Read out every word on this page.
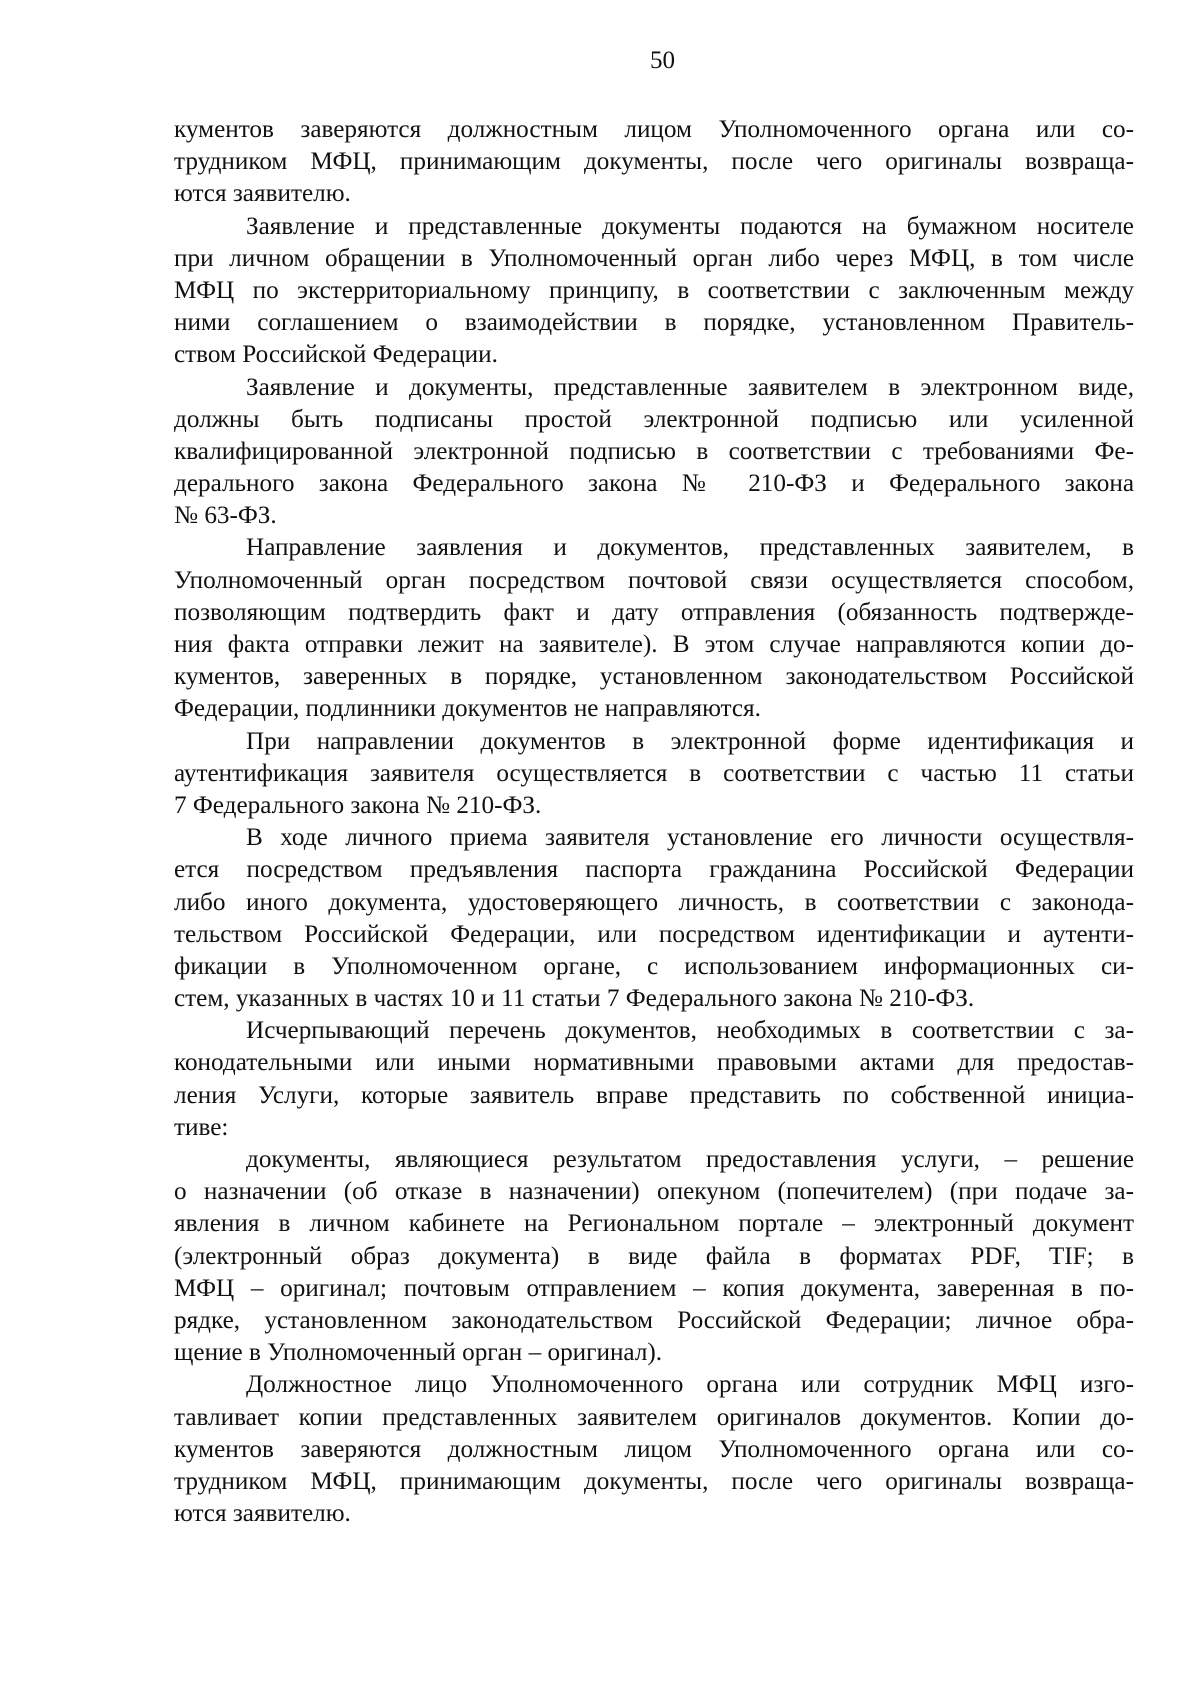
50
кументов заверяются должностным лицом Уполномоченного органа или со-
трудником МФЦ, принимающим документы, после чего оригиналы возвраща-
ются заявителю.
Заявление и представленные документы подаются на бумажном носителе
при личном обращении в Уполномоченный орган либо через МФЦ, в том числе
МФЦ по экстерриториальному принципу, в соответствии с заключенным между
ними соглашением о взаимодействии в порядке, установленном Правитель-
ством Российской Федерации.
Заявление и документы, представленные заявителем в электронном виде,
должны быть подписаны простой электронной подписью или усиленной
квалифицированной электронной подписью в соответствии с требованиями Фе-
дерального закона Федерального закона № 210-ФЗ и Федерального закона
№ 63-ФЗ.
Направление заявления и документов, представленных заявителем, в
Уполномоченный орган посредством почтовой связи осуществляется способом,
позволяющим подтвердить факт и дату отправления (обязанность подтвержде-
ния факта отправки лежит на заявителе). В этом случае направляются копии до-
кументов, заверенных в порядке, установленном законодательством Российской
Федерации, подлинники документов не направляются.
При направлении документов в электронной форме идентификация и
аутентификация заявителя осуществляется в соответствии с частью 11 статьи
7 Федерального закона № 210-ФЗ.
В ходе личного приема заявителя установление его личности осуществля-
ется посредством предъявления паспорта гражданина Российской Федерации
либо иного документа, удостоверяющего личность, в соответствии с законода-
тельством Российской Федерации, или посредством идентификации и аутенти-
фикации в Уполномоченном органе, с использованием информационных си-
стем, указанных в частях 10 и 11 статьи 7 Федерального закона № 210-ФЗ.
Исчерпывающий перечень документов, необходимых в соответствии с за-
конодательными или иными нормативными правовыми актами для предостав-
ления Услуги, которые заявитель вправе представить по собственной инициа-
тиве:
документы, являющиеся результатом предоставления услуги, – решение
о назначении (об отказе в назначении) опекуном (попечителем) (при подаче за-
явления в личном кабинете на Региональном портале – электронный документ
(электронный образ документа) в виде файла в форматах PDF, TIF; в
МФЦ – оригинал; почтовым отправлением – копия документа, заверенная в по-
рядке, установленном законодательством Российской Федерации; личное обра-
щение в Уполномоченный орган – оригинал).
Должностное лицо Уполномоченного органа или сотрудник МФЦ изго-
тавливает копии представленных заявителем оригиналов документов. Копии до-
кументов заверяются должностным лицом Уполномоченного органа или со-
трудником МФЦ, принимающим документы, после чего оригиналы возвраща-
ются заявителю.
